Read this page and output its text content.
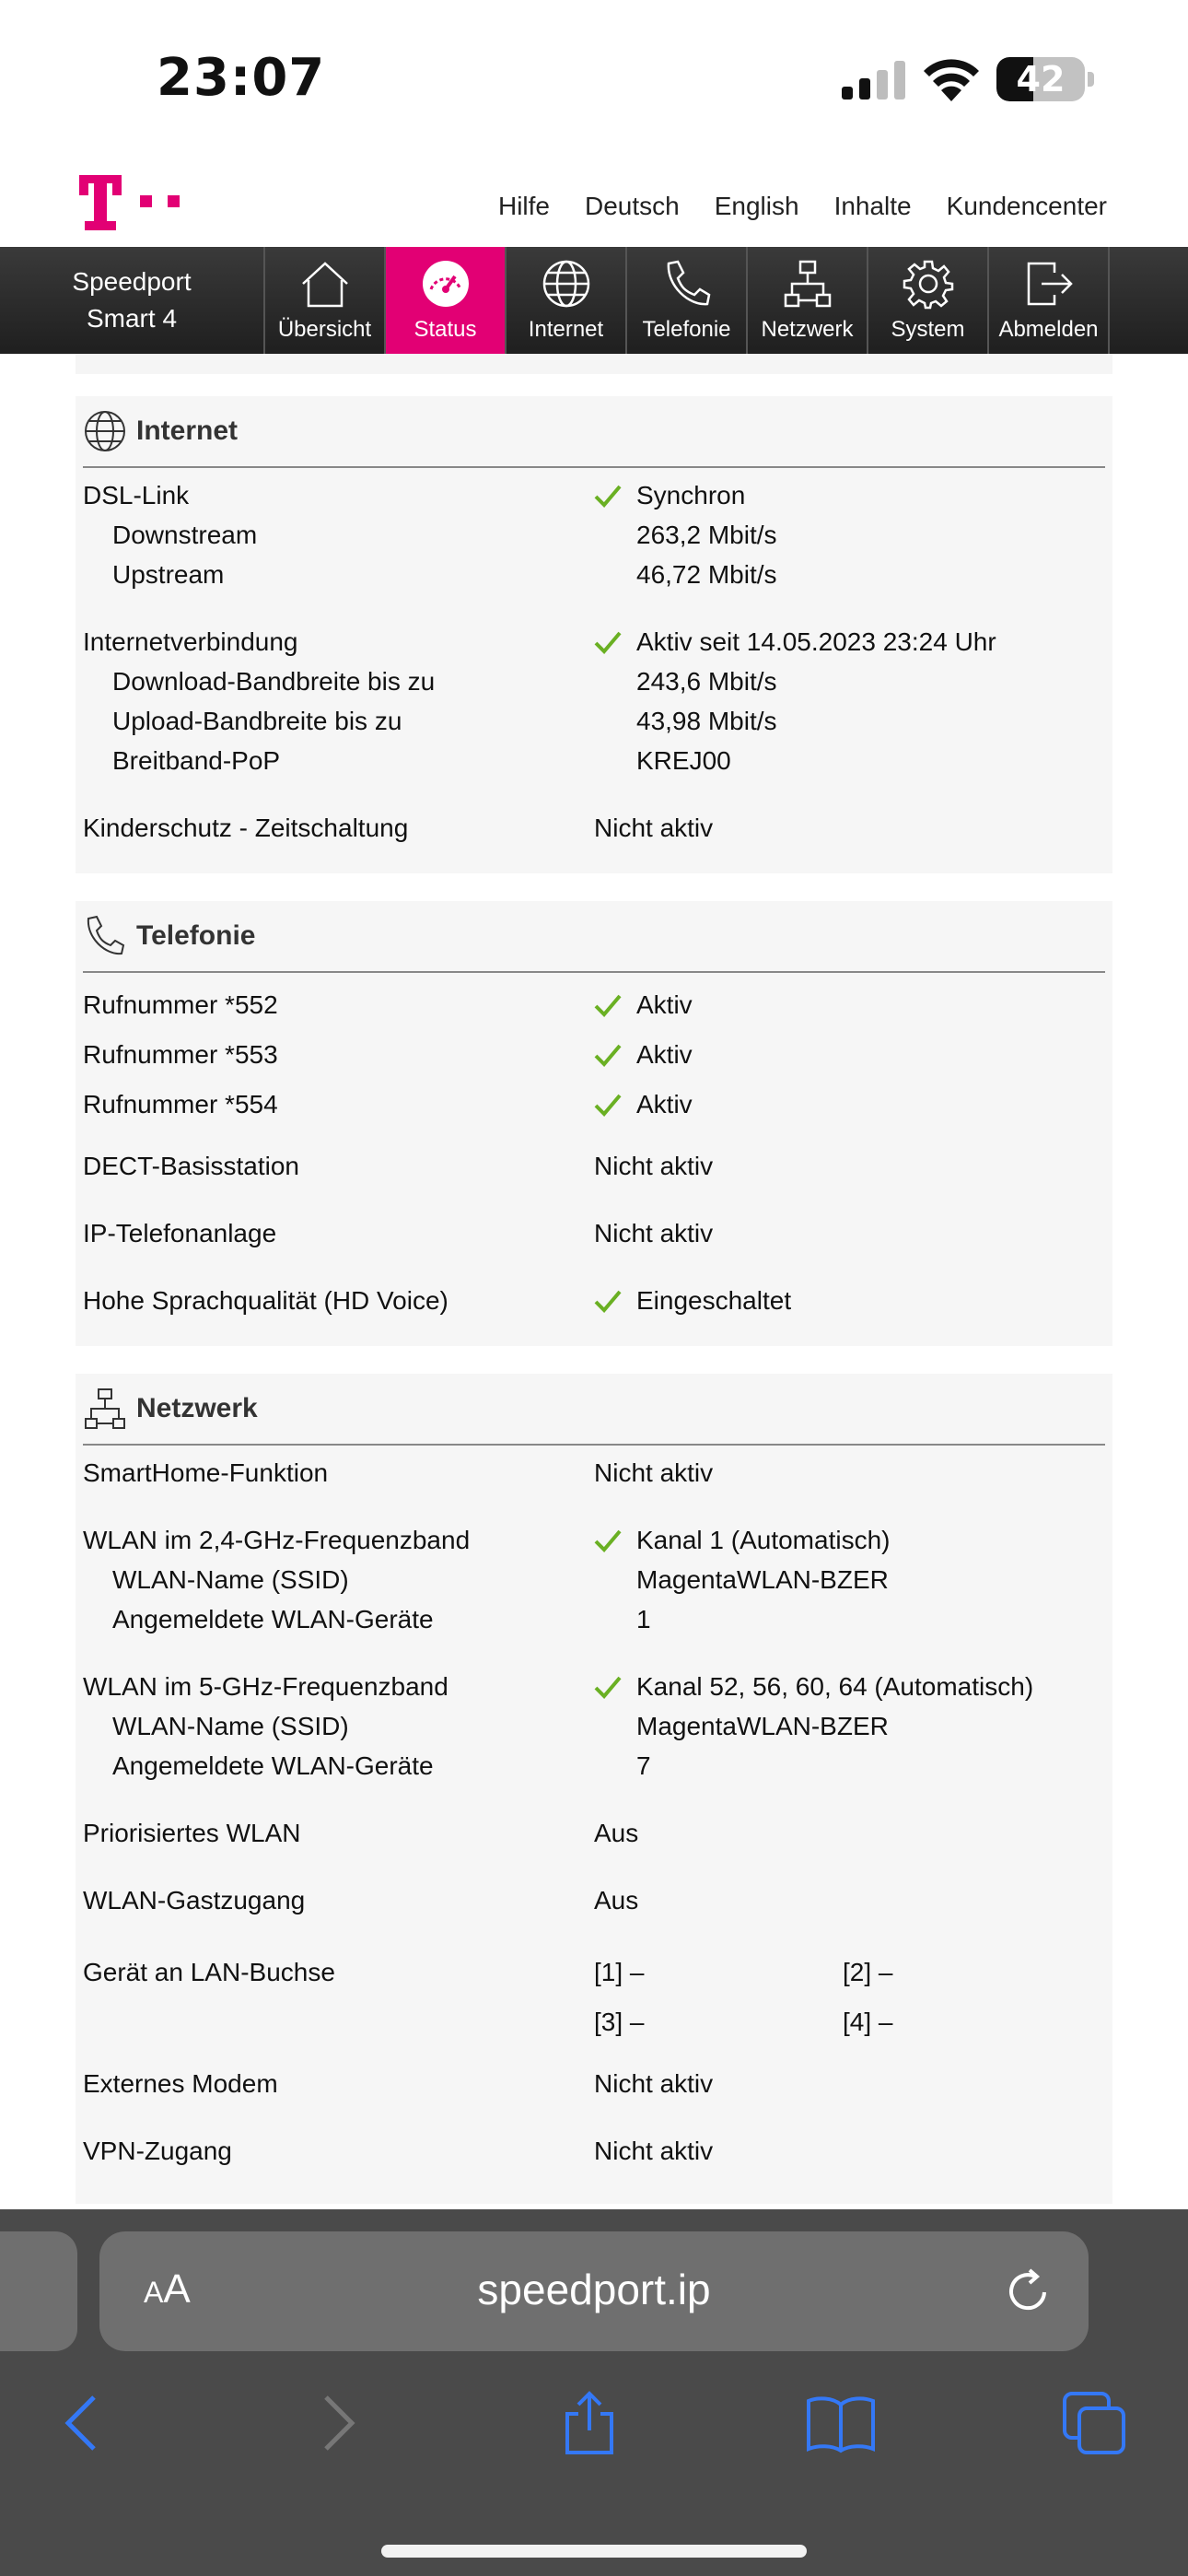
23:07	42
Hilfe Deutsch English Inhalte Kundencenter
Speedport
Smart 4	Übersicht Status Internet Telefonie Netzwerk System Abmelden
Internet
DSL-Link	Synchron
Downstream	263,2 Mbit/s
Upstream	46,72 Mbit/s
Internetverbindung	Aktiv seit 14.05.2023 23:24 Uhr
Download-Bandbreite bis zu	243,6 Mbit/s
Upload-Bandbreite bis zu	43,98 Mbit/s
Breitband-PoP	KREJ00
Kinderschutz - Zeitschaltung	Nicht aktiv
Telefonie
Rufnummer *552	Aktiv
Rufnummer *553	Aktiv
Rufnummer *554	Aktiv
DECT-Basisstation	Nicht aktiv
IP-Telefonanlage	Nicht aktiv
Hohe Sprachqualität (HD Voice)	Eingeschaltet
Netzwerk
SmartHome-Funktion	Nicht aktiv
WLAN im 2,4-GHz-Frequenzband	Kanal 1 (Automatisch)
WLAN-Name (SSID)	MagentaWLAN-BZER
Angemeldete WLAN-Geräte	1
WLAN im 5-GHz-Frequenzband	Kanal 52, 56, 60, 64 (Automatisch)
WLAN-Name (SSID)	MagentaWLAN-BZER
Angemeldete WLAN-Geräte	7
Priorisiertes WLAN	Aus
WLAN-Gastzugang	Aus
Gerät an LAN-Buchse	[1] –	[2] –
[3] –	[4] –
Externes Modem	Nicht aktiv
VPN-Zugang	Nicht aktiv
AA	speedport.ip
